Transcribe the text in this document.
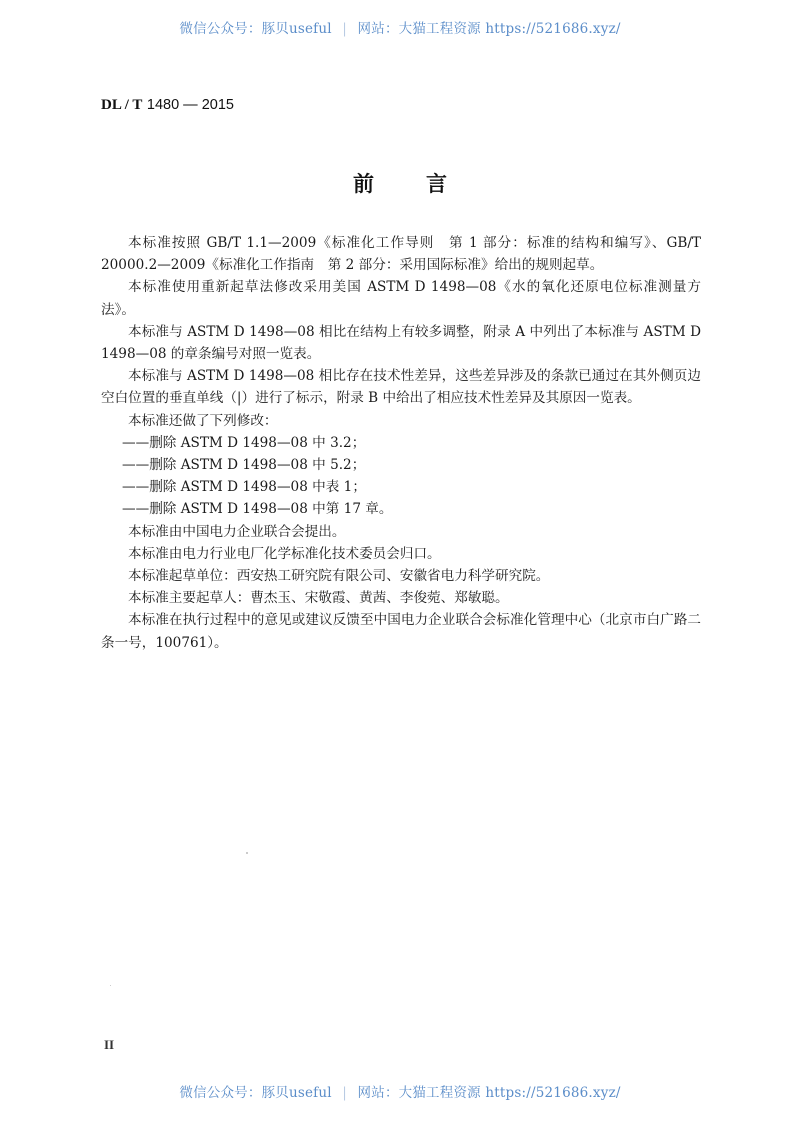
微信公众号：豚贝useful | 网站：大猫工程资源 https://521686.xyz/
DL / T 1480 — 2015
前 言

本标准按照 GB/T 1.1—2009《标准化工作导则　第 1 部分：标准的结构和编写》、GB/T 20000.2—2009《标准化工作指南　第 2 部分：采用国际标准》给出的规则起草。

本标准使用重新起草法修改采用美国 ASTM D 1498—08《水的氧化还原电位标准测量方法》。

本标准与 ASTM D 1498—08 相比在结构上有较多调整，附录 A 中列出了本标准与 ASTM D 1498—08 的章条编号对照一览表。

本标准与 ASTM D 1498—08 相比存在技术性差异，这些差异涉及的条款已通过在其外侧页边空白位置的垂直单线（|）进行了标示，附录 B 中给出了相应技术性差异及其原因一览表。

本标准还做了下列修改：

——删除 ASTM D 1498—08 中 3.2；

——删除 ASTM D 1498—08 中 5.2；

——删除 ASTM D 1498—08 中表 1；

——删除 ASTM D 1498—08 中第 17 章。

本标准由中国电力企业联合会提出。

本标准由电力行业电厂化学标准化技术委员会归口。

本标准起草单位：西安热工研究院有限公司、安徽省电力科学研究院。

本标准主要起草人：曹杰玉、宋敬霞、黄茜、李俊菀、郑敏聪。

本标准在执行过程中的意见或建议反馈至中国电力企业联合会标准化管理中心（北京市白广路二条一号，100761）。

II
微信公众号：豚贝useful | 网站：大猫工程资源 https://521686.xyz/
